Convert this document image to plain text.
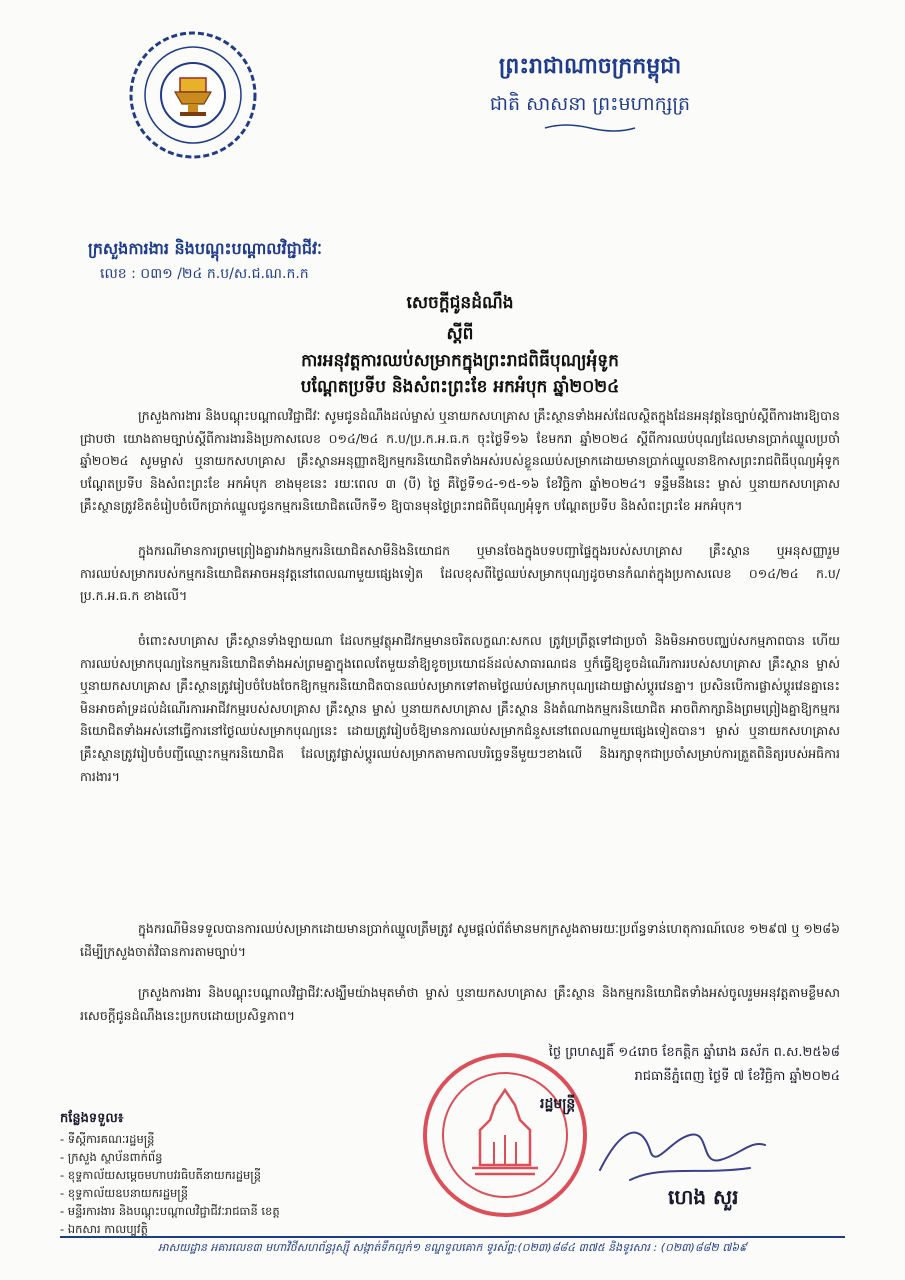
ព្រះរាជាណាចក្រកម្ពុជា
ជាតិ សាសនា ព្រះមហាក្សត្រ
ក្រសួងការងារ និងបណ្តុះបណ្តាលវិជ្ជាជីវៈ
លេខ : ០៣១ /២៤ ក.ប/ស.ជ.ណ.ក.ក
សេចក្តីជូនដំណឹង
ស្តីពី
ការអនុវត្តការឈប់សម្រាកក្នុងព្រះរាជពិធីបុណ្យអុំទូក
បណ្តែតប្រទីប និងសំពះព្រះខែ អកអំបុក ឆ្នាំ២០២៤
ក្រសួងការងារ និងបណ្តុះបណ្តាលវិជ្ជាជីវៈ សូមជូនដំណឹងដល់ម្ចាស់ ឬនាយកសហគ្រាស គ្រឹះស្ថានទាំងអស់ដែលស្ថិតក្នុងដែនអនុវត្តនៃច្បាប់ស្តីពីការងារឱ្យបានជ្រាបថា យោងតាមច្បាប់ស្តីពីការងារនិងប្រកាសលេខ ០១៤/២៤ ក.ប/ប្រ.ក.អ.ធ.ក ចុះថ្ងៃទី១៦ ខែមករា ឆ្នាំ២០២៤ ស្តីពីការឈប់បុណ្យដែលមានប្រាក់ឈ្នួលប្រចាំឆ្នាំ២០២៤ សូមម្ចាស់ ឬនាយកសហគ្រាស គ្រឹះស្ថានអនុញ្ញាតឱ្យកម្មករនិយោជិតទាំងអស់របស់ខ្លួនឈប់សម្រាកដោយមានប្រាក់ឈ្នួលនាឱកាសព្រះរាជពិធីបុណ្យអុំទូក បណ្តែតប្រទីប និងសំពះព្រះខែ អកអំបុក ខាងមុខនេះ រយៈពេល ៣ (បី) ថ្ងៃ គឺថ្ងៃទី១៤-១៥-១៦ ខែវិច្ឆិកា ឆ្នាំ២០២៤។ ទន្ទឹមនឹងនេះ ម្ចាស់ ឬនាយកសហគ្រាស គ្រឹះស្ថានត្រូវខិតខំរៀបចំបើកប្រាក់ឈ្នួលជូនកម្មករនិយោជិតលើកទី១ ឱ្យបានមុនថ្ងៃព្រះរាជពិធីបុណ្យអុំទូក បណ្តែតប្រទីប និងសំពះព្រះខែ អកអំបុក។
ក្នុងករណីមានការព្រមព្រៀងគ្នារវាងកម្មករនិយោជិតសាមីនិងនិយោជក ឬមានចែងក្នុងបទបញ្ជាផ្ទៃក្នុងរបស់សហគ្រាស គ្រឹះស្ថាន ឬអនុសញ្ញារួម ការឈប់សម្រាករបស់កម្មករនិយោជិតអាចអនុវត្តនៅពេលណាមួយផ្សេងទៀត ដែលខុសពីថ្ងៃឈប់សម្រាកបុណ្យដូចមានកំណត់ក្នុងប្រកាសលេខ ០១៤/២៤ ក.ប/ប្រ.ក.អ.ធ.ក ខាងលើ។
ចំពោះសហគ្រាស គ្រឹះស្ថានទាំងឡាយណា ដែលកម្មវត្ថុអាជីវកម្មមានចរិតលក្ខណៈសកល ត្រូវប្រព្រឹត្តទៅជាប្រចាំ និងមិនអាចបញ្ឈប់សកម្មភាពបាន ហើយការឈប់សម្រាកបុណ្យនៃកម្មករនិយោជិតទាំងអស់ព្រមគ្នាក្នុងពេលតែមួយនាំឱ្យខូចប្រយោជន៍ដល់សាធារណជន ឬក៏ធ្វើឱ្យខូចដំណើរការរបស់សហគ្រាស គ្រឹះស្ថាន ម្ចាស់ ឬនាយកសហគ្រាស គ្រឹះស្ថានត្រូវរៀបចំបែងចែកឱ្យកម្មករនិយោជិតបានឈប់សម្រាកទៅតាមថ្ងៃឈប់សម្រាកបុណ្យដោយផ្លាស់ប្តូរវេនគ្នា។ ប្រសិនបើការផ្លាស់ប្តូរវេនគ្នានេះ មិនអាចគាំទ្រដល់ដំណើរការអាជីវកម្មរបស់សហគ្រាស គ្រឹះស្ថាន ម្ចាស់ ឬនាយកសហគ្រាស គ្រឹះស្ថាន និងតំណាងកម្មករនិយោជិត អាចពិភាក្សានិងព្រមព្រៀងគ្នាឱ្យកម្មករនិយោជិតទាំងអស់នៅធ្វើការនៅថ្ងៃឈប់សម្រាកបុណ្យនេះ ដោយត្រូវរៀបចំឱ្យមានការឈប់សម្រាកជំនួសនៅពេលណាមួយផ្សេងទៀតបាន។ ម្ចាស់ ឬនាយកសហគ្រាស គ្រឹះស្ថានត្រូវរៀបចំបញ្ជីឈ្មោះកម្មករនិយោជិត ដែលត្រូវផ្លាស់ប្តូរឈប់សម្រាកតាមកាលបរិច្ឆេទនីមួយៗខាងលើ និងរក្សាទុកជាប្រចាំសម្រាប់ការត្រួតពិនិត្យរបស់អធិការការងារ។
ក្នុងករណីមិនទទួលបានការឈប់សម្រាកដោយមានប្រាក់ឈ្នួលត្រឹមត្រូវ សូមផ្តល់ព័ត៌មានមកក្រសួងតាមរយៈប្រព័ន្ធទាន់ហេតុការណ៍លេខ ១២៩៧ ឬ ១២៨៦ ដើម្បីក្រសួងចាត់វិធានការតាមច្បាប់។
ក្រសួងការងារ និងបណ្តុះបណ្តាលវិជ្ជាជីវៈសង្ឃឹមយ៉ាងមុតមាំថា ម្ចាស់ ឬនាយកសហគ្រាស គ្រឹះស្ថាន និងកម្មករនិយោជិតទាំងអស់ចូលរួមអនុវត្តតាមខ្លឹមសារសេចក្តីជូនដំណឹងនេះប្រកបដោយប្រសិទ្ធភាព។
ថ្ងៃ ព្រហស្បតិ៍ ១៤រោច ខែកត្តិក ឆ្នាំរោង ឆស័ក ព.ស.២៥៦៨
រាជធានីភ្នំពេញ ថ្ងៃទី ៧ ខែវិច្ឆិកា ឆ្នាំ២០២៤
រដ្ឋមន្ត្រី
ហេង សួរ
កន្លែងទទួល៖
- ទីស្តីការគណៈរដ្ឋមន្ត្រី
- ក្រសួង ស្ថាប័នពាក់ព័ន្ធ
- ខុទ្ទកាល័យសម្តេចមហាបវរធិបតីនាយករដ្ឋមន្ត្រី
- ខុទ្ទកាល័យឧបនាយករដ្ឋមន្ត្រី
- មន្ទីរការងារ និងបណ្តុះបណ្តាលវិជ្ជាជីវៈរាជធានី ខេត្ត
- ឯកសារ កាលប្បវត្តិ
អាសយដ្ឋាន អគារលេខ៣ មហាវិថីសហព័ន្ធរុស្ស៊ី សង្កាត់ទឹកល្អក់១ ខណ្ឌទួលគោក ទូរស័ព្ទ:(០២៣)៨៨៤ ៣៧៥ និងទូរសារ : (០២៣)៨៨២ ៧៦៩
